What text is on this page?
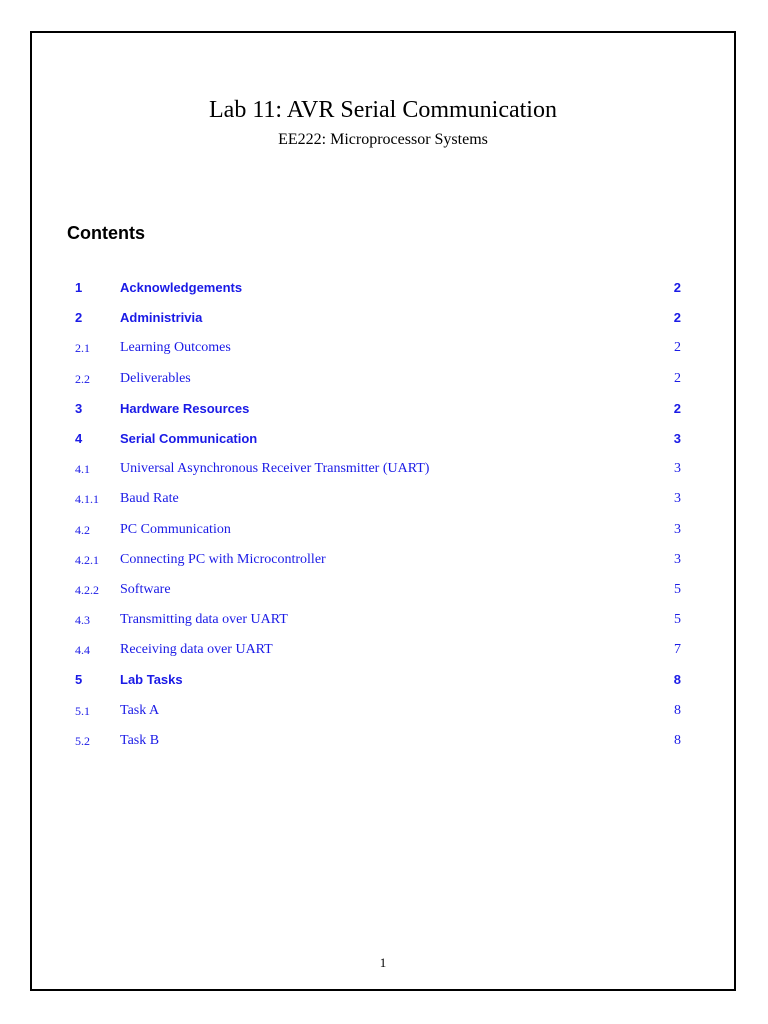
Lab 11: AVR Serial Communication
EE222: Microprocessor Systems
Contents
1	Acknowledgements	2
2	Administrivia	2
2.1 Learning Outcomes	2
2.2 Deliverables	2
3	Hardware Resources	2
4	Serial Communication	3
4.1 Universal Asynchronous Receiver Transmitter (UART)	3
4.1.1 Baud Rate	3
4.2 PC Communication	3
4.2.1 Connecting PC with Microcontroller	3
4.2.2 Software	5
4.3 Transmitting data over UART	5
4.4 Receiving data over UART	7
5	Lab Tasks	8
5.1 Task A	8
5.2 Task B	8
1
